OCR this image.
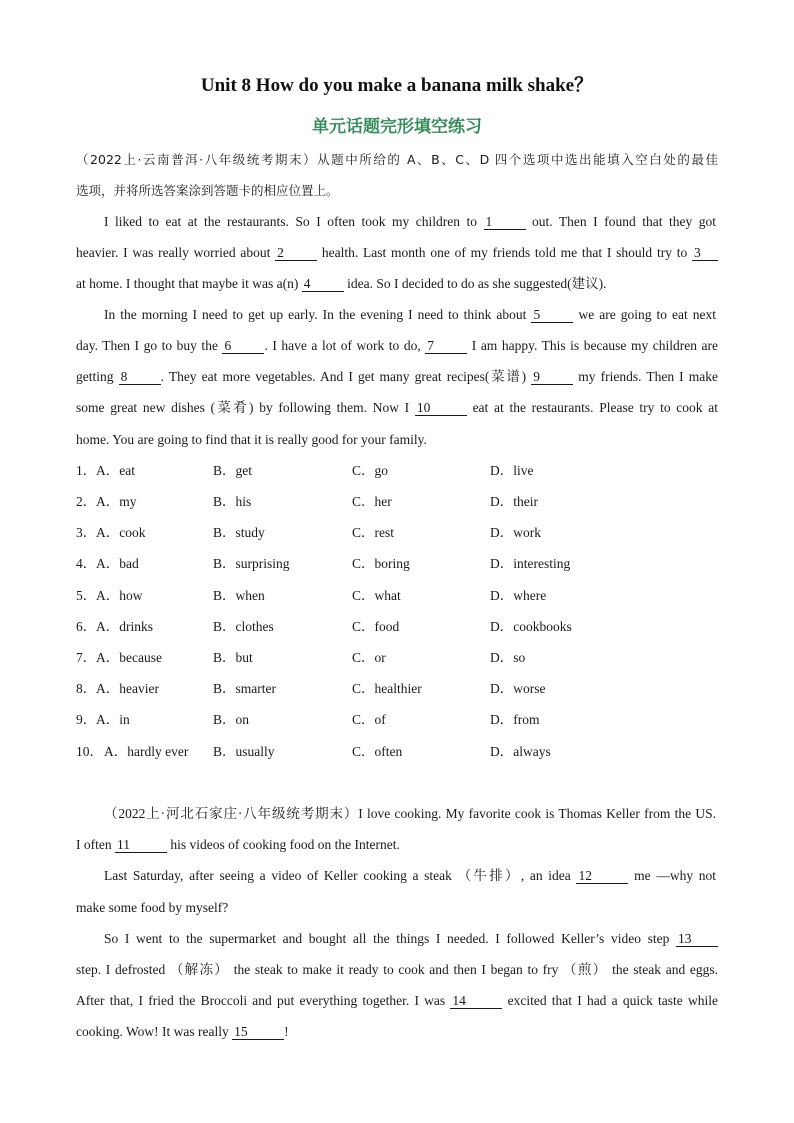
Unit 8 How do you make a banana milk shake？
单元话题完形填空练习
（2022上·云南普洱·八年级统考期末）从题中所给的 A、B、C、D 四个选项中选出能填入空白处的最佳
选项，并将所选答案涂到答题卡的相应位置上。
I liked to eat at the restaurants. So I often took my children to 1 out. Then I found that they got
heavier. I was really worried about 2 health. Last month one of my friends told me that I should try to 3
at home. I thought that maybe it was a(n) 4 idea. So I decided to do as she suggested(建议).
In the morning I need to get up early. In the evening I need to think about 5 we are going to eat next
day. Then I go to buy the 6 . I have a lot of work to do, 7 I am happy. This is because my children are
getting 8 . They eat more vegetables. And I get many great recipes(菜谱) 9 my friends. Then I make
some great new dishes (菜肴) by following them. Now I 10	eat at the restaurants. Please try to cook at
home. You are going to find that it is really good for your family.
1． A．eat	B．get	C．go	D．live
2． A．my	B．his	C．her	D．their
3． A．cook	B．study	C．rest	D．work
4． A．bad	B．surprising	C．boring	D．interesting
5． A．how	B．when	C．what	D．where
6． A．drinks	B．clothes	C．food	D．cookbooks
7． A．because	B．but	C．or	D．so
8． A．heavier	B．smarter	C．healthier	D．worse
9． A．in	B．on	C．of	D．from
10． A．hardly ever B．usually	C．often	D．always
（2022上·河北石家庄·八年级统考期末）I love cooking. My favorite cook is Thomas Keller from the US.
I often 11	his videos of cooking food on the Internet.
Last Saturday, after seeing a video of Keller cooking a steak （牛排）, an idea 12	me —why not
make some food by myself?
So I went to the supermarket and bought all the things I needed. I followed Keller’s video step 13
step. I defrosted （解冻） the steak to make it ready to cook and then I began to fry （煎） the steak and eggs.
After that, I fried the Broccoli and put everything together. I was 14	excited that I had a quick taste while
cooking. Wow! It was really 15	!
